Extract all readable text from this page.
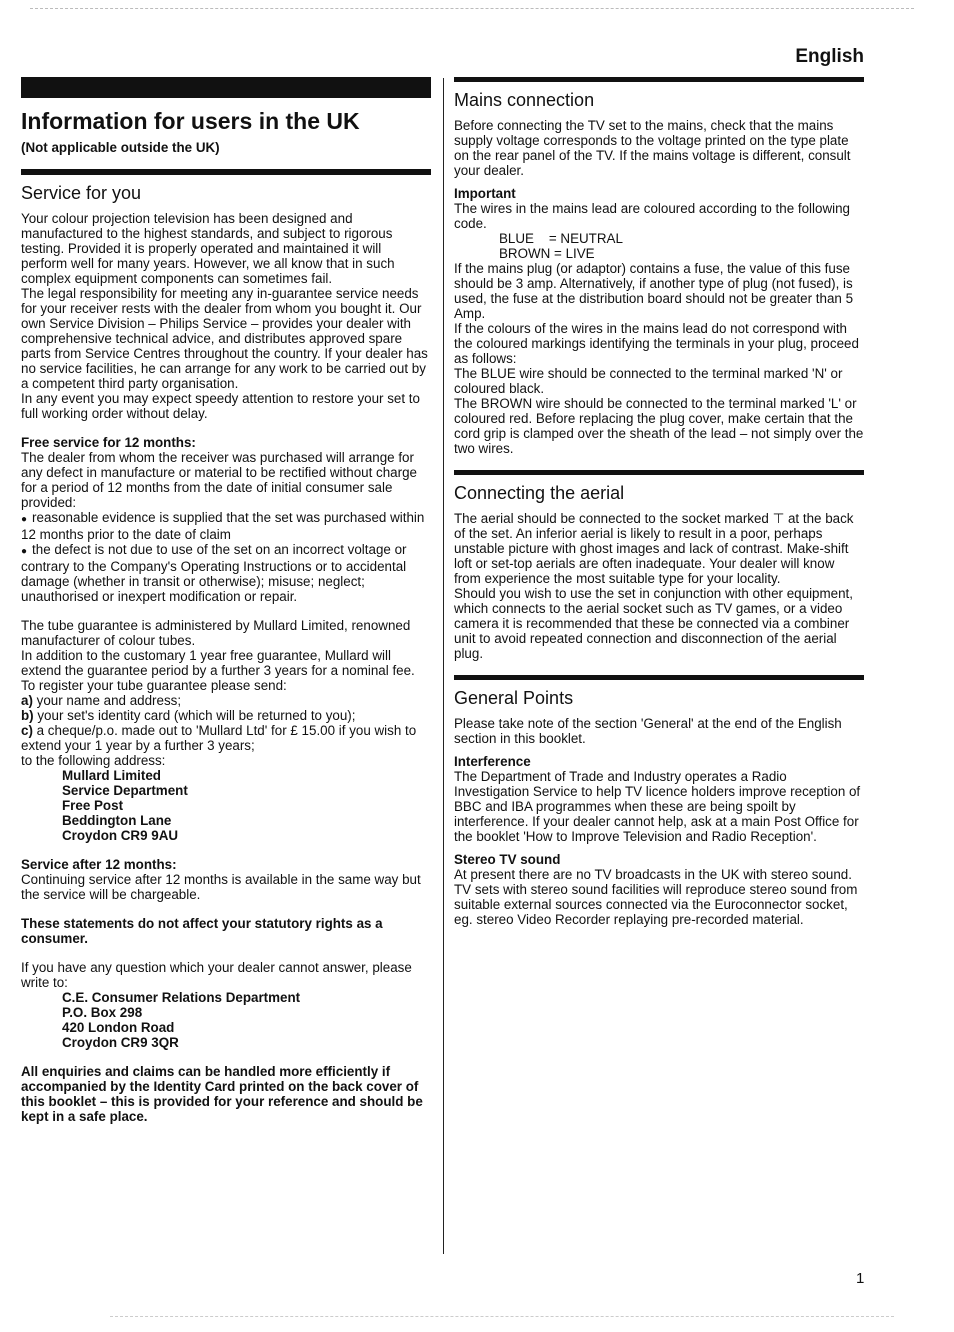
English
Information for users in the UK
(Not applicable outside the UK)
Service for you

Your colour projection television has been designed and manufactured to the highest standards, and subject to rigorous testing. Provided it is properly operated and maintained it will perform well for many years. However, we all know that in such complex equipment components can sometimes fail.

The legal responsibility for meeting any in-guarantee service needs for your receiver rests with the dealer from whom you bought it. Our own Service Division – Philips Service – provides your dealer with comprehensive technical advice, and distributes approved spare parts from Service Centres throughout the country. If your dealer has no service facilities, he can arrange for any work to be carried out by a competent third party organisation.

In any event you may expect speedy attention to restore your set to full working order without delay.

Free service for 12 months:

The dealer from whom the receiver was purchased will arrange for any defect in manufacture or material to be rectified without charge for a period of 12 months from the date of initial consumer sale provided:

● reasonable evidence is supplied that the set was purchased within 12 months prior to the date of claim

● the defect is not due to use of the set on an incorrect voltage or contrary to the Company's Operating Instructions or to accidental damage (whether in transit or otherwise); misuse; neglect; unauthorised or inexpert modification or repair.

The tube guarantee is administered by Mullard Limited, renowned manufacturer of colour tubes.

In addition to the customary 1 year free guarantee, Mullard will extend the guarantee period by a further 3 years for a nominal fee.

To register your tube guarantee please send:

a) your name and address;

b) your set's identity card (which will be returned to you);

c) a cheque/p.o. made out to 'Mullard Ltd' for £ 15.00 if you wish to extend your 1 year by a further 3 years;

to the following address:

Mullard Limited

Service Department

Free Post

Beddington Lane

Croydon CR9 9AU

Service after 12 months:

Continuing service after 12 months is available in the same way but the service will be chargeable.

These statements do not affect your statutory rights as a consumer.

If you have any question which your dealer cannot answer, please write to:

C.E. Consumer Relations Department

P.O. Box 298

420 London Road

Croydon CR9 3QR

All enquiries and claims can be handled more efficiently if accompanied by the Identity Card printed on the back cover of this booklet – this is provided for your reference and should be kept in a safe place.

Mains connection

Before connecting the TV set to the mains, check that the mains supply voltage corresponds to the voltage printed on the type plate on the rear panel of the TV. If the mains voltage is different, consult your dealer.

Important

The wires in the mains lead are coloured according to the following code.

BLUE    = NEUTRAL

BROWN = LIVE

If the mains plug (or adaptor) contains a fuse, the value of this fuse should be 3 amp. Alternatively, if another type of plug (not fused), is used, the fuse at the distribution board should not be greater than 5 Amp.

If the colours of the wires in the mains lead do not correspond with the coloured markings identifying the terminals in your plug, proceed as follows:

The BLUE wire should be connected to the terminal marked 'N' or coloured black.

The BROWN wire should be connected to the terminal marked 'L' or coloured red. Before replacing the plug cover, make certain that the cord grip is clamped over the sheath of the lead – not simply over the two wires.

Connecting the aerial

The aerial should be connected to the socket marked ⊤ at the back of the set. An inferior aerial is likely to result in a poor, perhaps unstable picture with ghost images and lack of contrast. Make-shift loft or set-top aerials are often inadequate. Your dealer will know from experience the most suitable type for your locality.

Should you wish to use the set in conjunction with other equipment, which connects to the aerial socket such as TV games, or a video camera it is recommended that these be connected via a combiner unit to avoid repeated connection and disconnection of the aerial plug.

General Points

Please take note of the section 'General' at the end of the English section in this booklet.

Interference

The Department of Trade and Industry operates a Radio Investigation Service to help TV licence holders improve reception of BBC and IBA programmes when these are being spoilt by interference. If your dealer cannot help, ask at a main Post Office for the booklet 'How to Improve Television and Radio Reception'.

Stereo TV sound

At present there are no TV broadcasts in the UK with stereo sound. TV sets with stereo sound facilities will reproduce stereo sound from suitable external sources connected via the Euroconnector socket, eg. stereo Video Recorder replaying pre-recorded material.

1
